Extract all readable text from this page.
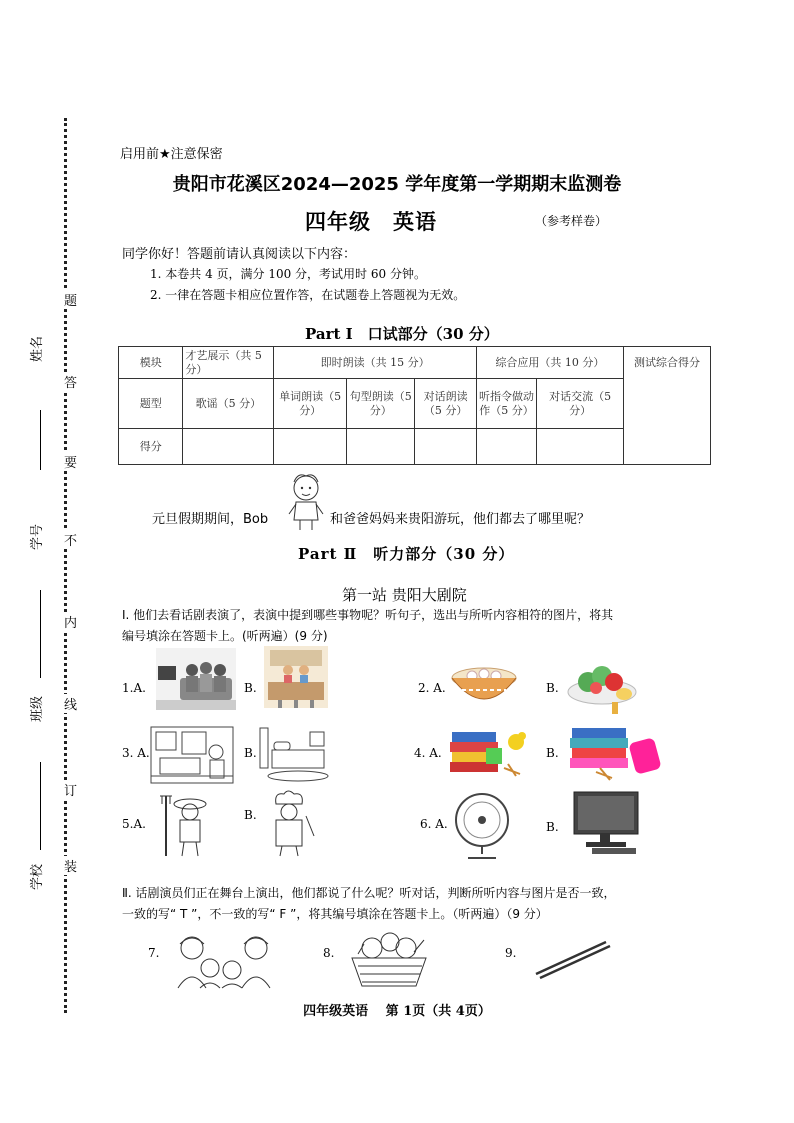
题
答
要
不
内
线
订
装
姓名
学号
班级
学校
启用前★注意保密
贵阳市花溪区2024—2025 学年度第一学期期末监测卷
四年级　英语	（参考样卷）
同学你好！答题前请认真阅读以下内容：
1. 本卷共 4 页，满分 100 分，考试用时 60 分钟。
2. 一律在答题卡相应位置作答，在试题卷上答题视为无效。
Part I　口试部分（30 分）
模块	才艺展示（共 5 分）	即时朗读（共 15 分）			综合应用（共 10 分）		测试综合得分
题型	歌谣（5 分）	单词朗读（5 分）	句型朗读（5 分）	对话朗读（5 分）	听指令做动作（5 分）	对话交流（5 分）	
得分							
元旦假期期间，Bob	和爸爸妈妈来贵阳游玩，他们都去了哪里呢？
Part Ⅱ　听力部分（30 分）
第一站 贵阳大剧院
Ⅰ. 他们去看话剧表演了，表演中提到哪些事物呢？听句子，选出与所听内容相符的图片，将其
编号填涂在答题卡上。(听两遍）(9 分)
1.A.	B.	2. A.	B.
3. A.	B.	4. A.	B.
5.A.
B.
6. A.	B.
Ⅱ. 话剧演员们正在舞台上演出，他们都说了什么呢？听对话，判断所听内容与图片是否一致，
一致的写“ T ”，不一致的写“ F ”，将其编号填涂在答题卡上。（听两遍）（9 分）
7.	8.	9.
四年级英语　 第 1页（共 4页）
